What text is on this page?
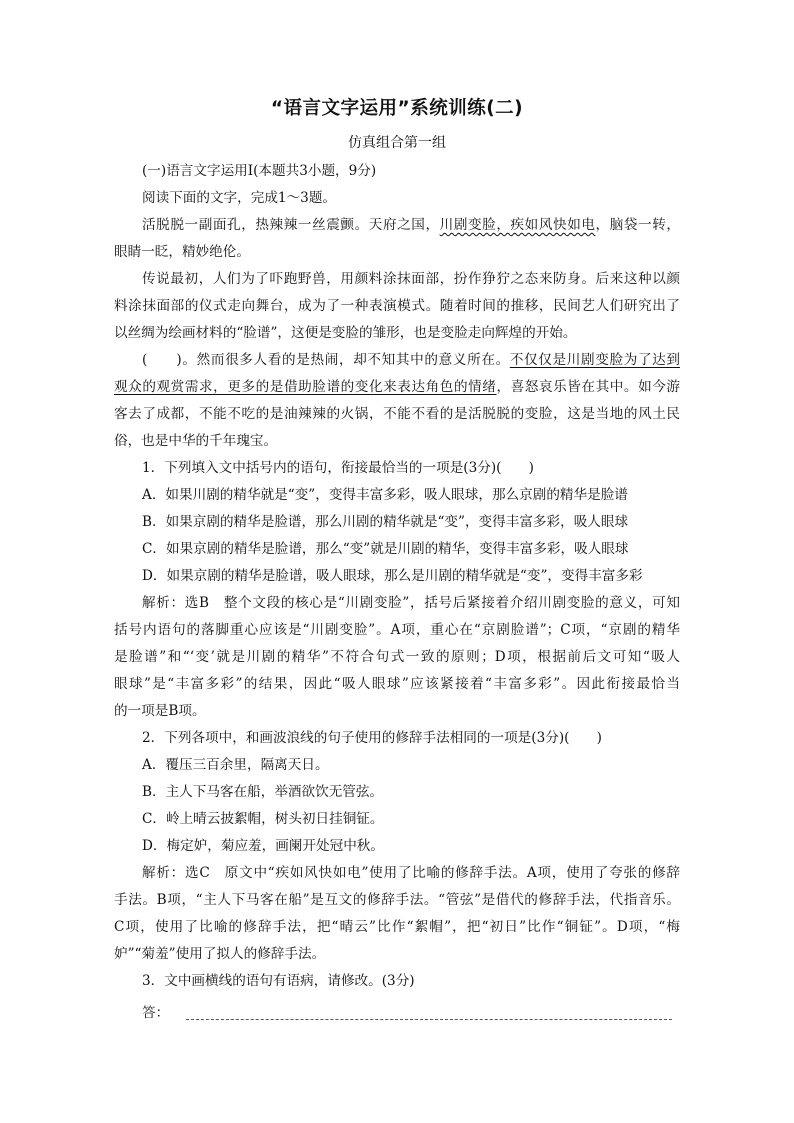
“语言文字运用”系统训练(二)
仿真组合第一组
(一)语言文字运用Ⅰ(本题共3小题，9分)
阅读下面的文字，完成1～3题。
活脱脱一副面孔，热辣辣一丝震颤。天府之国，川剧变脸，疾如风快如电，脑袋一转，
眼睛一眨，精妙绝伦。
传说最初，人们为了吓跑野兽，用颜料涂抹面部，扮作狰狞之态来防身。后来这种以颜
料涂抹面部的仪式走向舞台，成为了一种表演模式。随着时间的推移，民间艺人们研究出了
以丝绸为绘画材料的“脸谱”，这便是变脸的雏形，也是变脸走向辉煌的开始。
(　　)。然而很多人看的是热闹，却不知其中的意义所在。不仅仅是川剧变脸为了达到
观众的观赏需求，更多的是借助脸谱的变化来表达角色的情绪，喜怒哀乐皆在其中。如今游
客去了成都，不能不吃的是油辣辣的火锅，不能不看的是活脱脱的变脸，这是当地的风土民
俗，也是中华的千年瑰宝。
1．下列填入文中括号内的语句，衔接最恰当的一项是(3分)(　　)
A．如果川剧的精华就是“变”，变得丰富多彩，吸人眼球，那么京剧的精华是脸谱
B．如果京剧的精华是脸谱，那么川剧的精华就是“变”，变得丰富多彩，吸人眼球
C．如果京剧的精华是脸谱，那么“变”就是川剧的精华，变得丰富多彩，吸人眼球
D．如果京剧的精华是脸谱，吸人眼球，那么是川剧的精华就是“变”，变得丰富多彩
解析：选B　整个文段的核心是“川剧变脸”，括号后紧接着介绍川剧变脸的意义，可知
括号内语句的落脚重心应该是“川剧变脸”。A项，重心在“京剧脸谱”；C项，“京剧的精华
是脸谱”和“‘变’就是川剧的精华”不符合句式一致的原则；D项，根据前后文可知“吸人
眼球”是“丰富多彩”的结果，因此“吸人眼球”应该紧接着“丰富多彩”。因此衔接最恰当
的一项是B项。
2．下列各项中，和画波浪线的句子使用的修辞手法相同的一项是(3分)(　　)
A．覆压三百余里，隔离天日。
B．主人下马客在船，举酒欲饮无管弦。
C．岭上晴云披絮帽，树头初日挂铜钲。
D．梅定妒，菊应羞，画阑开处冠中秋。
解析：选C　原文中“疾如风快如电”使用了比喻的修辞手法。A项，使用了夸张的修辞
手法。B项，“主人下马客在船”是互文的修辞手法。“管弦”是借代的修辞手法，代指音乐。
C项，使用了比喻的修辞手法，把“晴云”比作“絮帽”，把“初日”比作“铜钲”。D项，“梅
妒”“菊羞”使用了拟人的修辞手法。
3．文中画横线的语句有语病，请修改。(3分)
答：
